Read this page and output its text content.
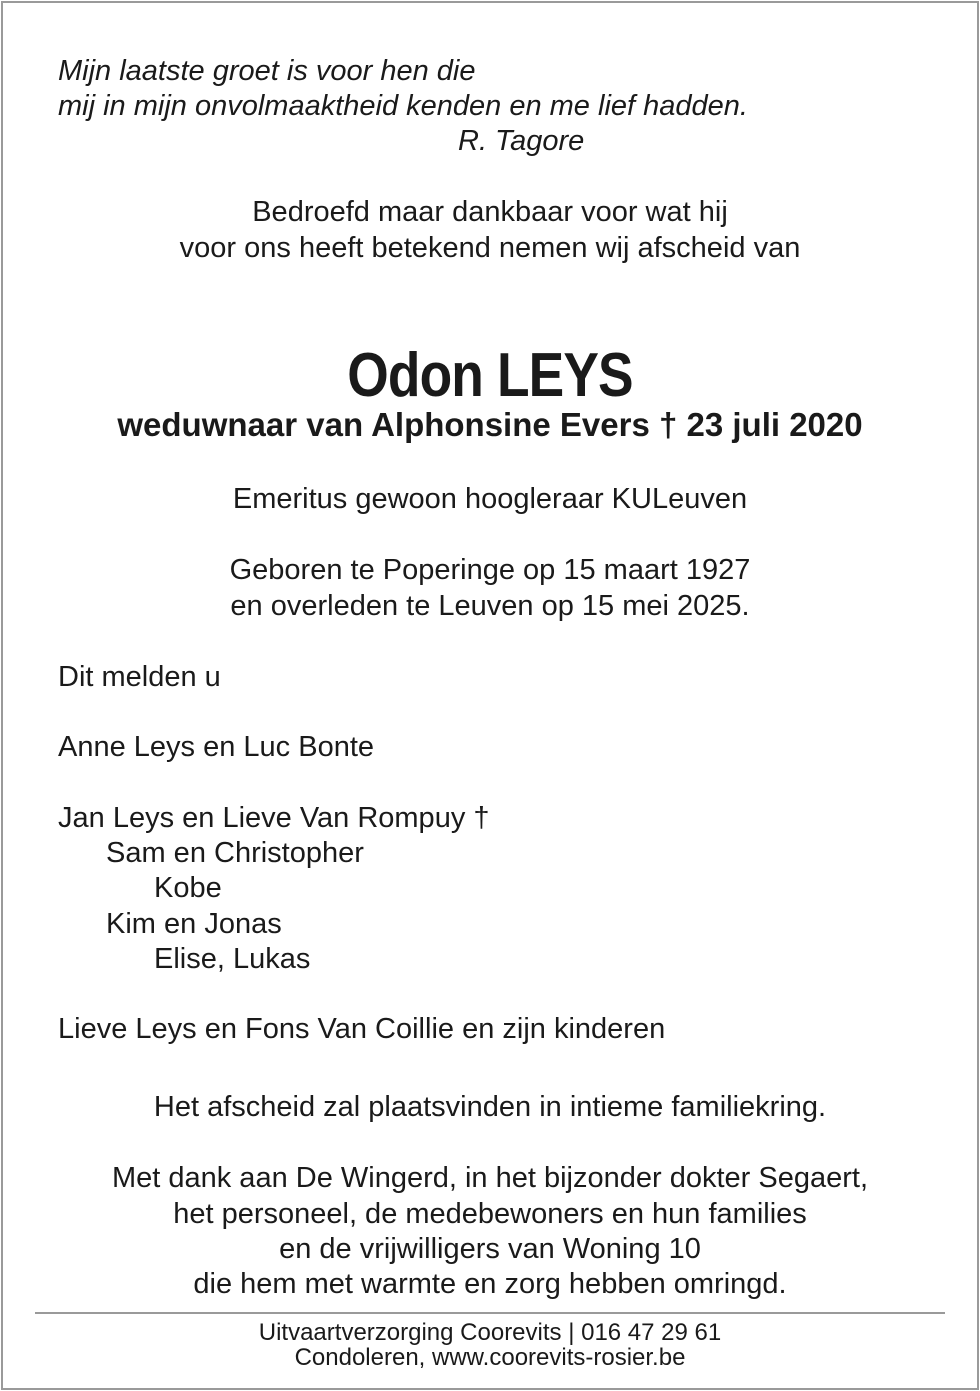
Mijn laatste groet is voor hen die

mij in mijn onvolmaaktheid kenden en me lief hadden.

R. Tagore

Bedroefd maar dankbaar voor wat hij

voor ons heeft betekend nemen wij afscheid van

Odon LEYS

weduwnaar van Alphonsine Evers † 23 juli 2020

Emeritus gewoon hoogleraar KULeuven

Geboren te Poperinge op 15 maart 1927

en overleden te Leuven op 15 mei 2025.

Dit melden u

Anne Leys en Luc Bonte

Jan Leys en Lieve Van Rompuy †

Sam en Christopher

Kobe

Kim en Jonas

Elise, Lukas

Lieve Leys en Fons Van Coillie en zijn kinderen

Het afscheid zal plaatsvinden in intieme familiekring.

Met dank aan De Wingerd, in het bijzonder dokter Segaert,

het personeel, de medebewoners en hun families

en de vrijwilligers van Woning 10

die hem met warmte en zorg hebben omringd.

Uitvaartverzorging Coorevits | 016 47 29 61

Condoleren, www.coorevits-rosier.be
